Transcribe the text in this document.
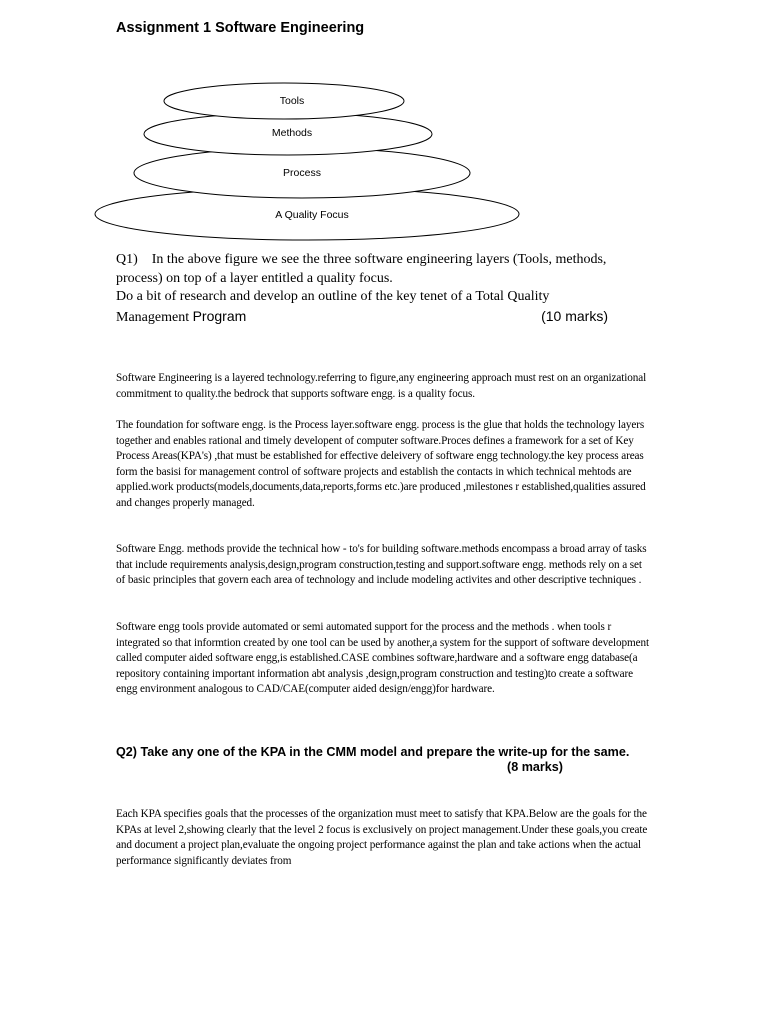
Assignment 1 Software Engineering
A Quality Focus
Process
Methods
Tools
Q1)    In the above figure we see the three software engineering layers (Tools, methods,
process) on top of a layer entitled a quality focus.
Do a bit of research and develop an outline of the key tenet of a Total Quality
Management Program	(10 marks)

Software Engineering is a layered technology.referring to figure,any engineering approach must rest on an organizational commitment to quality.the bedrock that supports software engg. is a quality focus.

The foundation for software engg. is the Process layer.software engg. process is the glue that holds the technology layers together and enables rational and timely developent of computer software.Proces defines a framework for a set of Key Process Areas(KPA's) ,that must be established for effective deleivery of software engg technology.the key process areas form the basisi for management control of software projects and establish the contacts in which technical mehtods are applied.work products(models,documents,data,reports,forms etc.)are produced ,milestones r established,qualities assured and changes properly managed.

Software Engg. methods provide the technical how - to's for building software.methods encompass a broad array of tasks that include requirements analysis,design,program construction,testing and support.software engg. methods rely on a set of basic principles that govern each area of technology and include modeling activites and other descriptive techniques .

Software engg tools provide automated or semi automated support for the process and the methods . when tools r integrated so that informtion created by one tool can be used by another,a system for the support of software development called computer aided software engg,is established.CASE combines software,hardware and a software engg database(a repository containing important information abt analysis ,design,program construction and testing)to create a software engg environment analogous to CAD/CAE(computer aided design/engg)for hardware.

Q2) Take any one of the KPA in the CMM model and prepare the write-up for the same.

(8 marks)

Each KPA specifies goals that the processes of the organization must meet to satisfy that KPA.Below are the goals for the KPAs at level 2,showing clearly that the level 2 focus is exclusively on project management.Under these goals,you create and document a project plan,evaluate the ongoing project performance against the plan and take actions when the actual performance significantly deviates from
